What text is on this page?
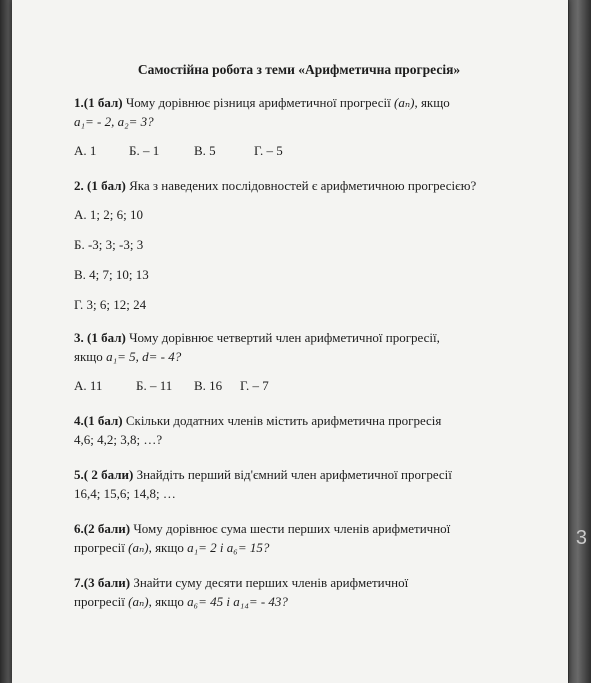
3

Самостійна робота з теми «Арифметична прогресія»

1.(1 бал) Чому дорівнює різниця арифметичної прогресії (aₙ), якщо

a₁= - 2, a₂= 3?

А. 1	Б. – 1	В. 5	Г. – 5

2. (1 бал) Яка з наведених послідовностей є арифметичною прогресією?

А. 1; 2; 6; 10

Б. -3; 3; -3; 3

В. 4; 7; 10; 13

Г. 3; 6; 12; 24

3. (1 бал) Чому дорівнює четвертий член арифметичної прогресії,

якщо a₁= 5, d= - 4?

А. 11	Б. – 11 В. 16 Г. – 7

4.(1 бал) Скільки додатних членів містить арифметична прогресія

4,6; 4,2; 3,8; …?

5.( 2 бали) Знайдіть перший від'ємний член арифметичної прогресії

16,4; 15,6; 14,8; …

6.(2 бали) Чому дорівнює сума шести перших членів арифметичної

прогресії (aₙ), якщо a₁= 2 і a₆= 15?

7.(3 бали) Знайти суму десяти перших членів арифметичної

прогресії (aₙ), якщо a₆= 45 і a₁₄= - 43?
